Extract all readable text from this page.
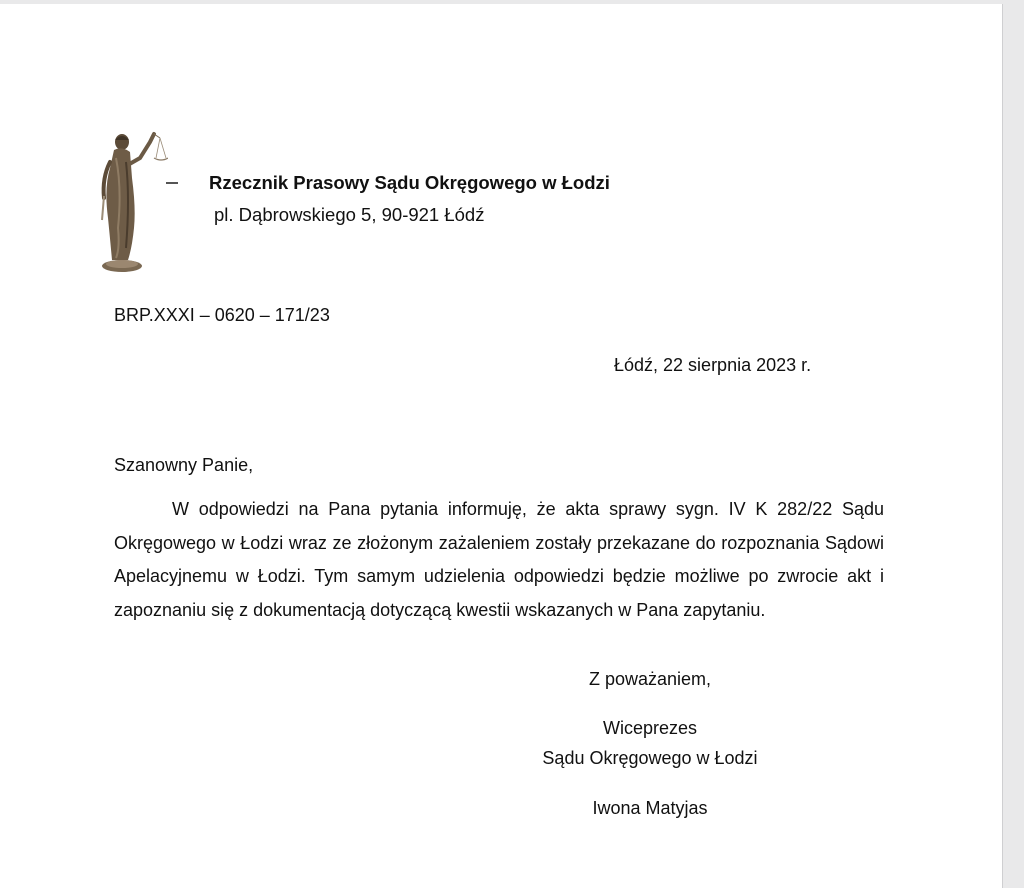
Rzecznik Prasowy Sądu Okręgowego w Łodzi
pl. Dąbrowskiego 5, 90-921 Łódź
BRP.XXXI – 0620 – 171/23
Łódź, 22 sierpnia 2023 r.
Szanowny Panie,
W odpowiedzi na Pana pytania informuję, że akta sprawy sygn. IV K 282/22 Sądu Okręgowego w Łodzi wraz ze złożonym zażaleniem zostały przekazane do rozpoznania Sądowi Apelacyjnemu w Łodzi. Tym samym udzielenia odpowiedzi będzie możliwe po zwrocie akt i zapoznaniu się z dokumentacją dotyczącą kwestii wskazanych w Pana zapytaniu.
Z poważaniem,
Wiceprezes
Sądu Okręgowego w Łodzi
Iwona Matyjas
